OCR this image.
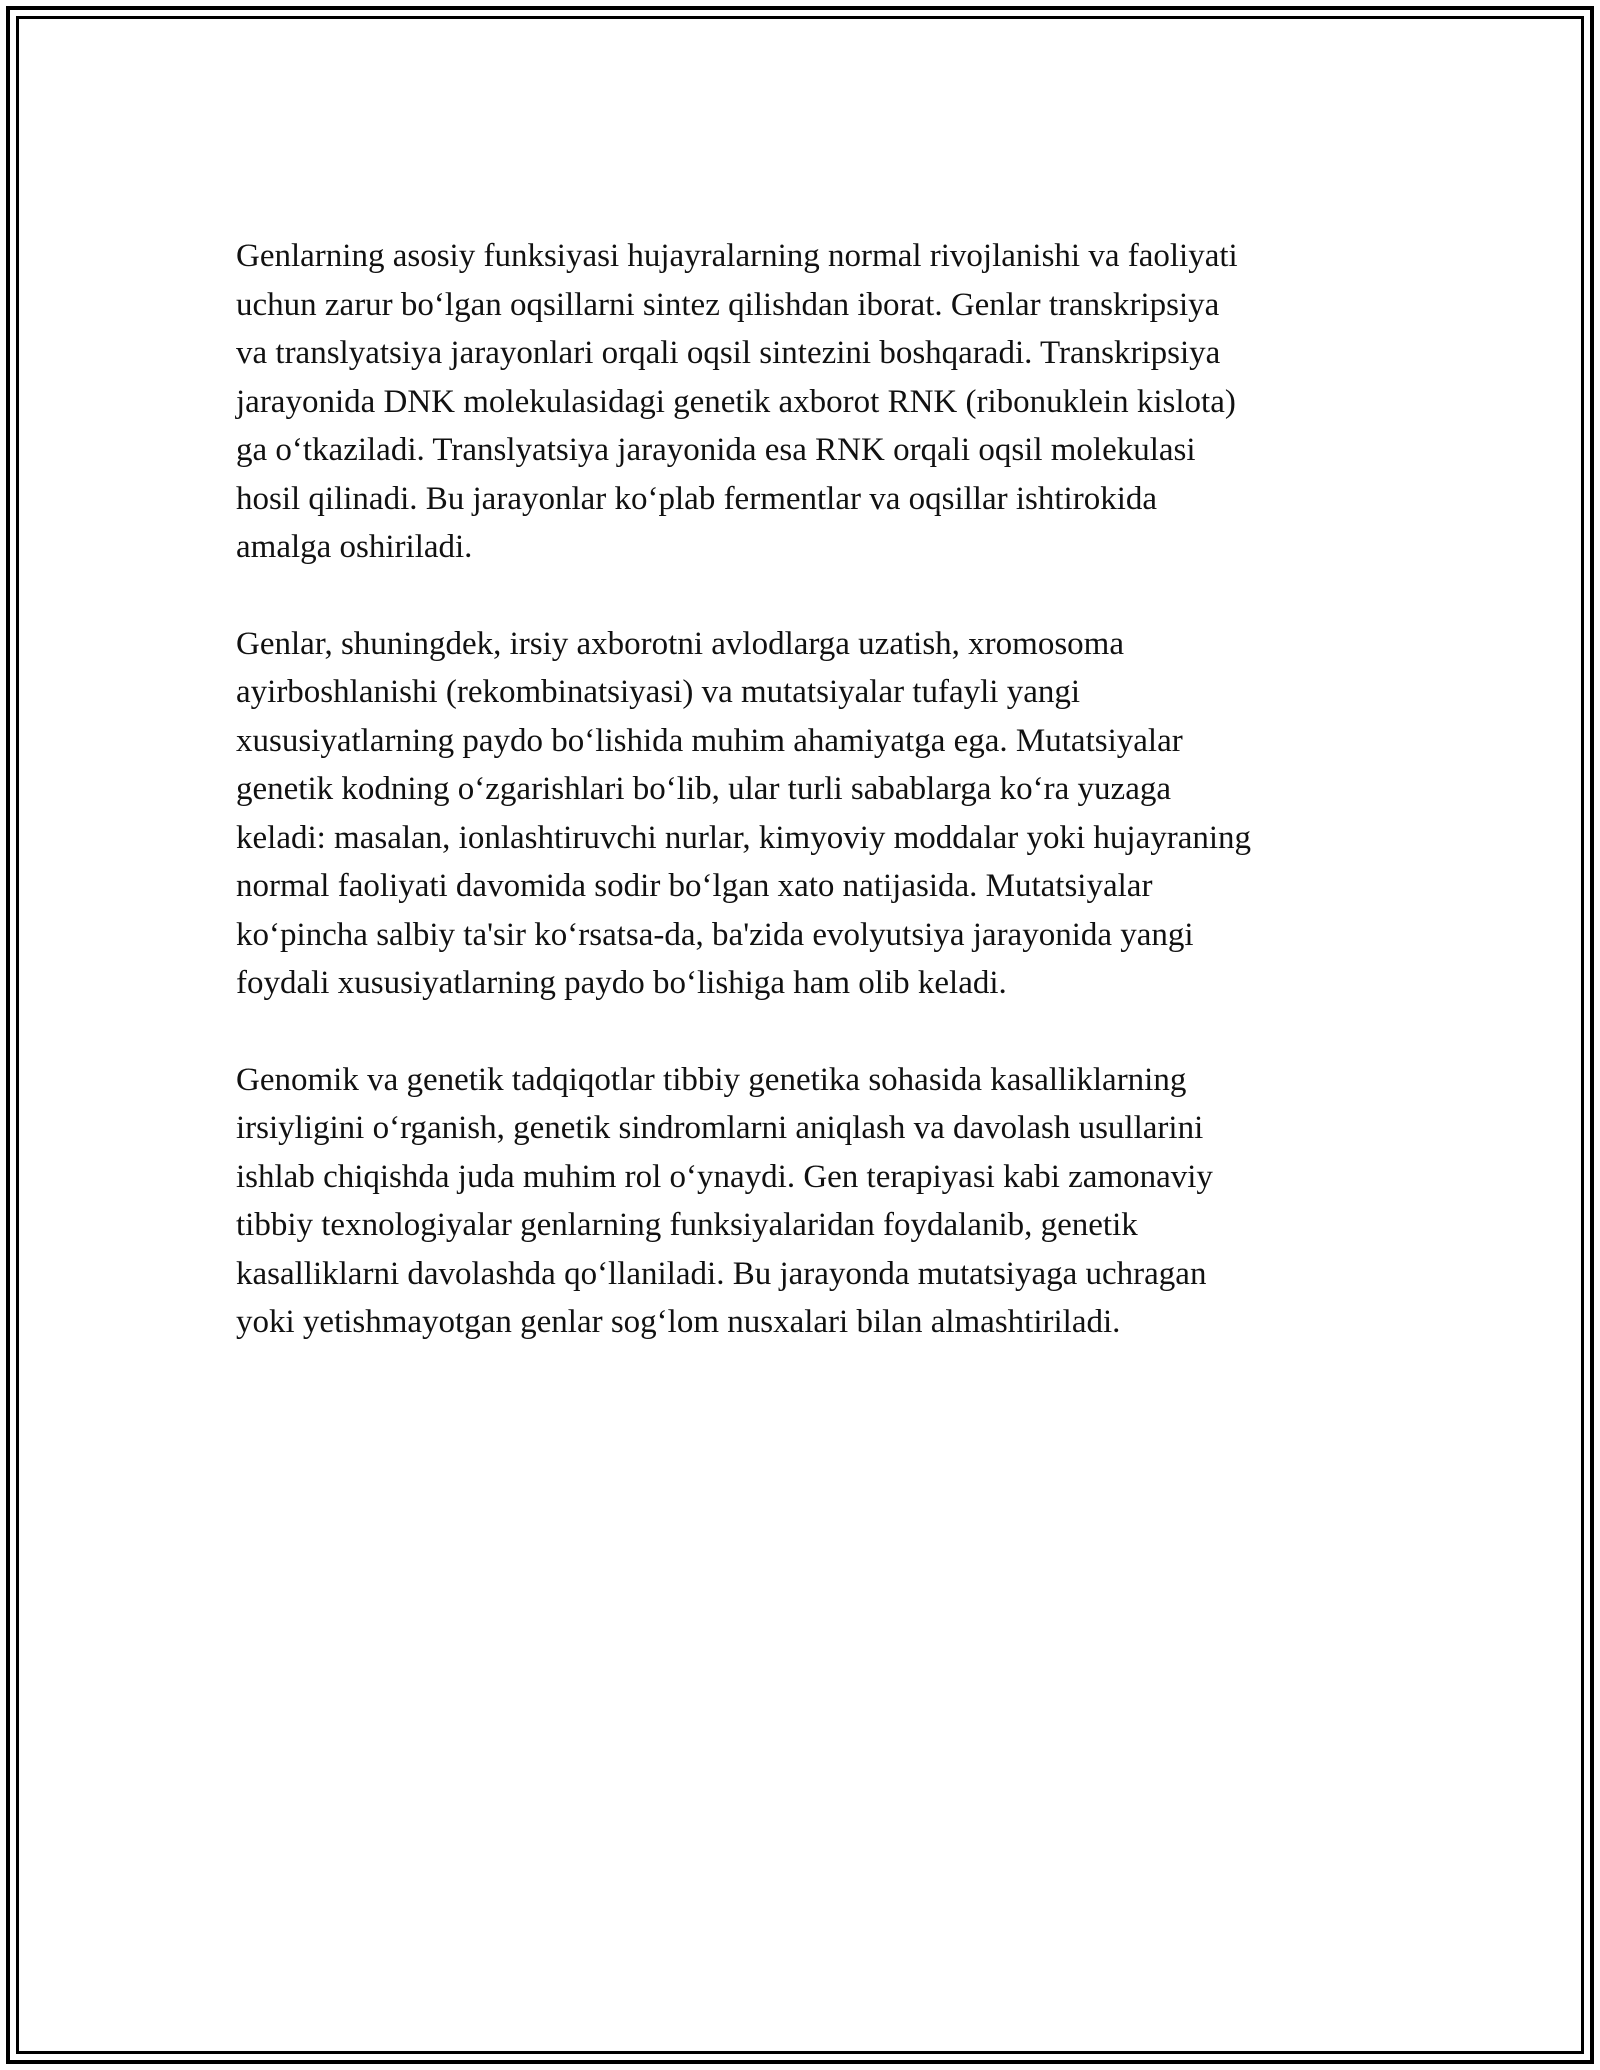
Genlarning asosiy funksiyasi hujayralarning normal rivojlanishi va faoliyati
uchun zarur bo‘lgan oqsillarni sintez qilishdan iborat. Genlar transkripsiya
va translyatsiya jarayonlari orqali oqsil sintezini boshqaradi. Transkripsiya
jarayonida DNK molekulasidagi genetik axborot RNK (ribonuklein kislota)
ga o‘tkaziladi. Translyatsiya jarayonida esa RNK orqali oqsil molekulasi
hosil qilinadi. Bu jarayonlar ko‘plab fermentlar va oqsillar ishtirokida
amalga oshiriladi.

Genlar, shuningdek, irsiy axborotni avlodlarga uzatish, xromosoma
ayirboshlanishi (rekombinatsiyasi) va mutatsiyalar tufayli yangi
xususiyatlarning paydo bo‘lishida muhim ahamiyatga ega. Mutatsiyalar
genetik kodning o‘zgarishlari bo‘lib, ular turli sabablarga ko‘ra yuzaga
keladi: masalan, ionlashtiruvchi nurlar, kimyoviy moddalar yoki hujayraning
normal faoliyati davomida sodir bo‘lgan xato natijasida. Mutatsiyalar
ko‘pincha salbiy ta'sir ko‘rsatsa-da, ba'zida evolyutsiya jarayonida yangi
foydali xususiyatlarning paydo bo‘lishiga ham olib keladi.

Genomik va genetik tadqiqotlar tibbiy genetika sohasida kasalliklarning
irsiyligini o‘rganish, genetik sindromlarni aniqlash va davolash usullarini
ishlab chiqishda juda muhim rol o‘ynaydi. Gen terapiyasi kabi zamonaviy
tibbiy texnologiyalar genlarning funksiyalaridan foydalanib, genetik
kasalliklarni davolashda qo‘llaniladi. Bu jarayonda mutatsiyaga uchragan
yoki yetishmayotgan genlar sog‘lom nusxalari bilan almashtiriladi.
